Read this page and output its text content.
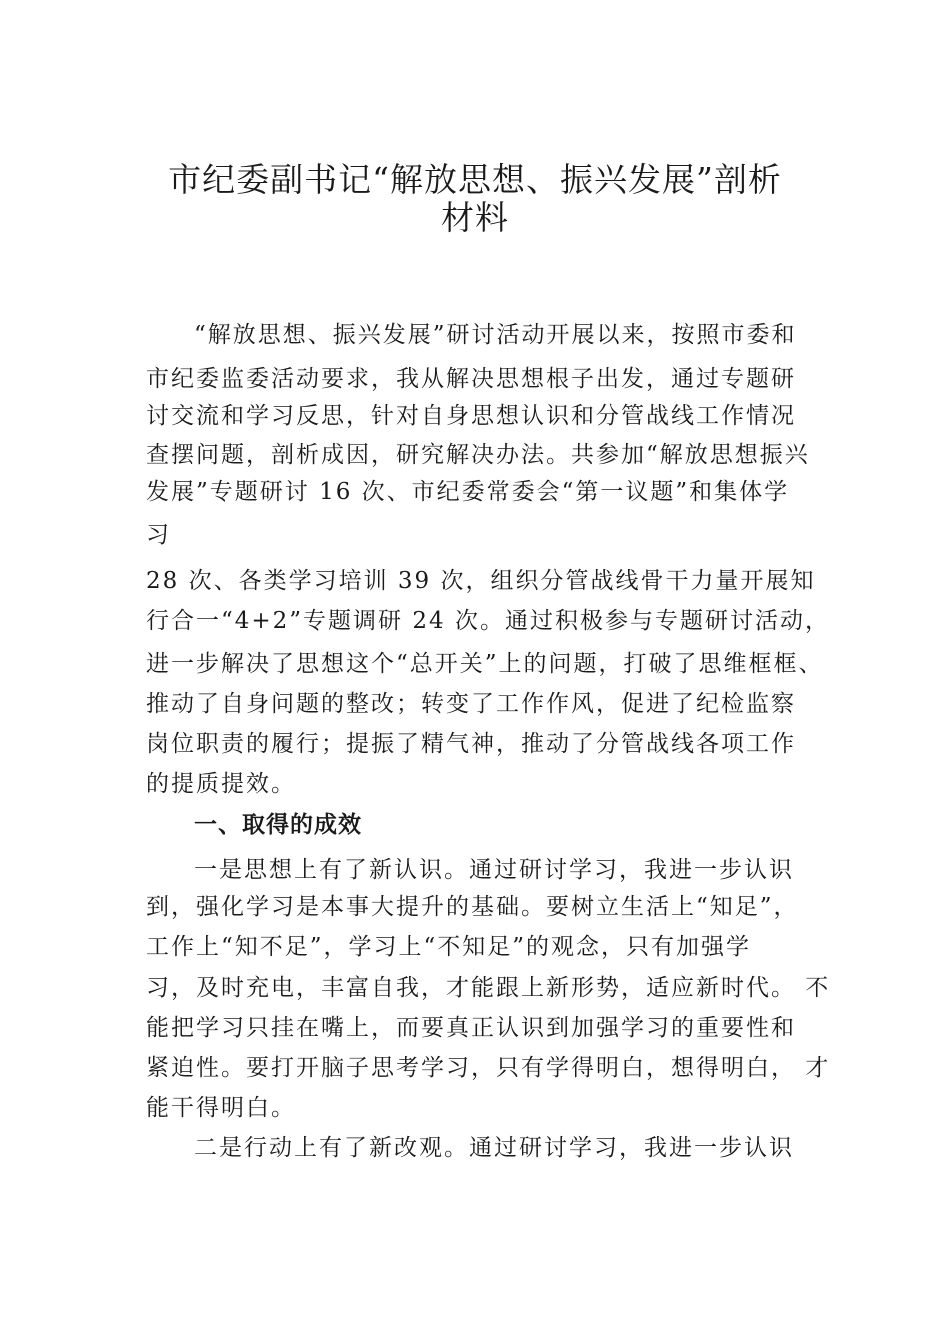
市纪委副书记“解放思想、振兴发展”剖析
材料

“解放思想、振兴发展”研讨活动开展以来，按照市委和

市纪委监委活动要求，我从解决思想根子出发，通过专题研

讨交流和学习反思，针对自身思想认识和分管战线工作情况

查摆问题，剖析成因，研究解决办法。共参加“解放思想振兴

发展”专题研讨 16 次、市纪委常委会“第一议题”和集体学

习

28 次、各类学习培训 39 次，组织分管战线骨干力量开展知

行合一“4+2”专题调研 24 次。通过积极参与专题研讨活动，

进一步解决了思想这个“总开关”上的问题，打破了思维框框、

推动了自身问题的整改；转变了工作作风，促进了纪检监察

岗位职责的履行；提振了精气神，推动了分管战线各项工作

的提质提效。

一、取得的成效

一是思想上有了新认识。通过研讨学习，我进一步认识

到，强化学习是本事大提升的基础。要树立生活上“知足”，

工作上“知不足”，学习上“不知足”的观念，只有加强学

习，及时充电，丰富自我，才能跟上新形势，适应新时代。 不

能把学习只挂在嘴上，而要真正认识到加强学习的重要性和

紧迫性。要打开脑子思考学习，只有学得明白，想得明白， 才

能干得明白。

二是行动上有了新改观。通过研讨学习，我进一步认识
